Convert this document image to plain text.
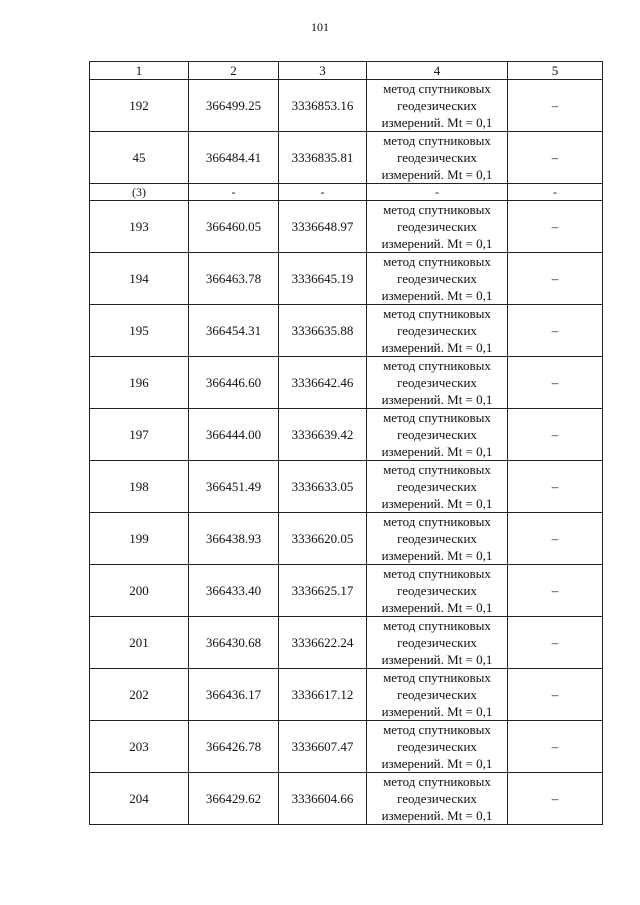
101
1	2	3	4	5
192	366499.25	3336853.16	метод спутниковых
геодезических
измерений. Mt = 0,1	–
45	366484.41	3336835.81	метод спутниковых
геодезических
измерений. Mt = 0,1	–
(3)	-	-	-	-
193	366460.05	3336648.97	метод спутниковых
геодезических
измерений. Mt = 0,1	–
194	366463.78	3336645.19	метод спутниковых
геодезических
измерений. Mt = 0,1	–
195	366454.31	3336635.88	метод спутниковых
геодезических
измерений. Mt = 0,1	–
196	366446.60	3336642.46	метод спутниковых
геодезических
измерений. Mt = 0,1	–
197	366444.00	3336639.42	метод спутниковых
геодезических
измерений. Mt = 0,1	–
198	366451.49	3336633.05	метод спутниковых
геодезических
измерений. Mt = 0,1	–
199	366438.93	3336620.05	метод спутниковых
геодезических
измерений. Mt = 0,1	–
200	366433.40	3336625.17	метод спутниковых
геодезических
измерений. Mt = 0,1	–
201	366430.68	3336622.24	метод спутниковых
геодезических
измерений. Mt = 0,1	–
202	366436.17	3336617.12	метод спутниковых
геодезических
измерений. Mt = 0,1	–
203	366426.78	3336607.47	метод спутниковых
геодезических
измерений. Mt = 0,1	–
204	366429.62	3336604.66	метод спутниковых
геодезических
измерений. Mt = 0,1	–
